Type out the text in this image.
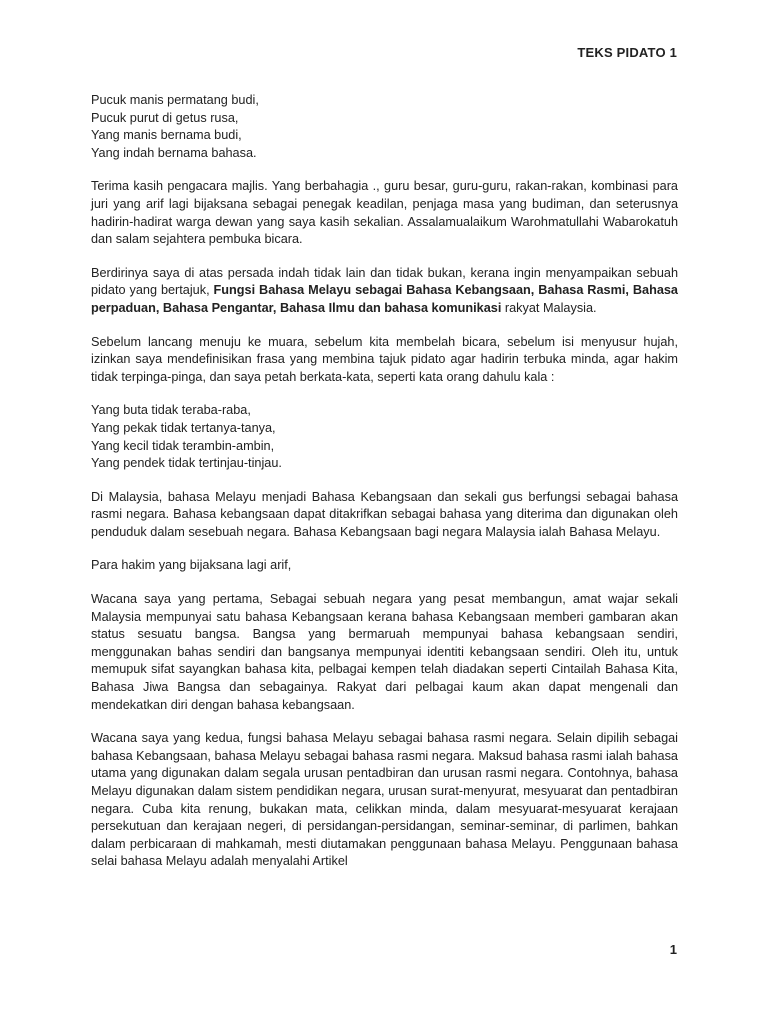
TEKS PIDATO 1
Pucuk manis permatang budi,
Pucuk purut di getus rusa,
Yang manis bernama budi,
Yang indah bernama bahasa.

Terima kasih pengacara majlis. Yang berbahagia ., guru besar, guru-guru, rakan-rakan, kombinasi para juri yang arif lagi bijaksana sebagai penegak keadilan, penjaga masa yang budiman, dan seterusnya hadirin-hadirat warga dewan yang saya kasih sekalian. Assalamualaikum Warohmatullahi Wabarokatuh dan salam sejahtera pembuka bicara.

Berdirinya saya di atas persada indah tidak lain dan tidak bukan, kerana ingin menyampaikan sebuah pidato yang bertajuk, Fungsi Bahasa Melayu sebagai Bahasa Kebangsaan, Bahasa Rasmi, Bahasa perpaduan, Bahasa Pengantar, Bahasa Ilmu dan bahasa komunikasi rakyat Malaysia.

Sebelum lancang menuju ke muara, sebelum kita membelah bicara, sebelum isi menyusur hujah, izinkan saya mendefinisikan frasa yang membina tajuk pidato agar hadirin terbuka minda, agar hakim tidak terpinga-pinga, dan saya petah berkata-kata, seperti kata orang dahulu kala :

Yang buta tidak teraba-raba,
Yang pekak tidak tertanya-tanya,
Yang kecil tidak terambin-ambin,
Yang pendek tidak tertinjau-tinjau.

Di Malaysia, bahasa Melayu menjadi Bahasa Kebangsaan dan sekali gus berfungsi sebagai bahasa rasmi negara. Bahasa kebangsaan dapat ditakrifkan sebagai bahasa yang diterima dan digunakan oleh penduduk dalam sesebuah negara. Bahasa Kebangsaan bagi negara Malaysia ialah Bahasa Melayu.

Para hakim yang bijaksana lagi arif,

Wacana saya yang pertama, Sebagai sebuah negara yang pesat membangun, amat wajar sekali Malaysia mempunyai satu bahasa Kebangsaan kerana bahasa Kebangsaan memberi gambaran akan status sesuatu bangsa. Bangsa yang bermaruah mempunyai bahasa kebangsaan sendiri, menggunakan bahas sendiri dan bangsanya mempunyai identiti kebangsaan sendiri. Oleh itu, untuk memupuk sifat sayangkan bahasa kita, pelbagai kempen telah diadakan seperti Cintailah Bahasa Kita, Bahasa Jiwa Bangsa dan sebagainya. Rakyat dari pelbagai kaum akan dapat mengenali dan mendekatkan diri dengan bahasa kebangsaan.

Wacana saya yang kedua, fungsi bahasa Melayu sebagai bahasa rasmi negara. Selain dipilih sebagai bahasa Kebangsaan, bahasa Melayu sebagai bahasa rasmi negara. Maksud bahasa rasmi ialah bahasa utama yang digunakan dalam segala urusan pentadbiran dan urusan rasmi negara. Contohnya, bahasa Melayu digunakan dalam sistem pendidikan negara, urusan surat-menyurat, mesyuarat dan pentadbiran negara. Cuba kita renung, bukakan mata, celikkan minda, dalam mesyuarat-mesyuarat kerajaan persekutuan dan kerajaan negeri, di persidangan-persidangan, seminar-seminar, di parlimen, bahkan dalam perbicaraan di mahkamah, mesti diutamakan penggunaan bahasa Melayu. Penggunaan bahasa selai bahasa Melayu adalah menyalahi Artikel

1
